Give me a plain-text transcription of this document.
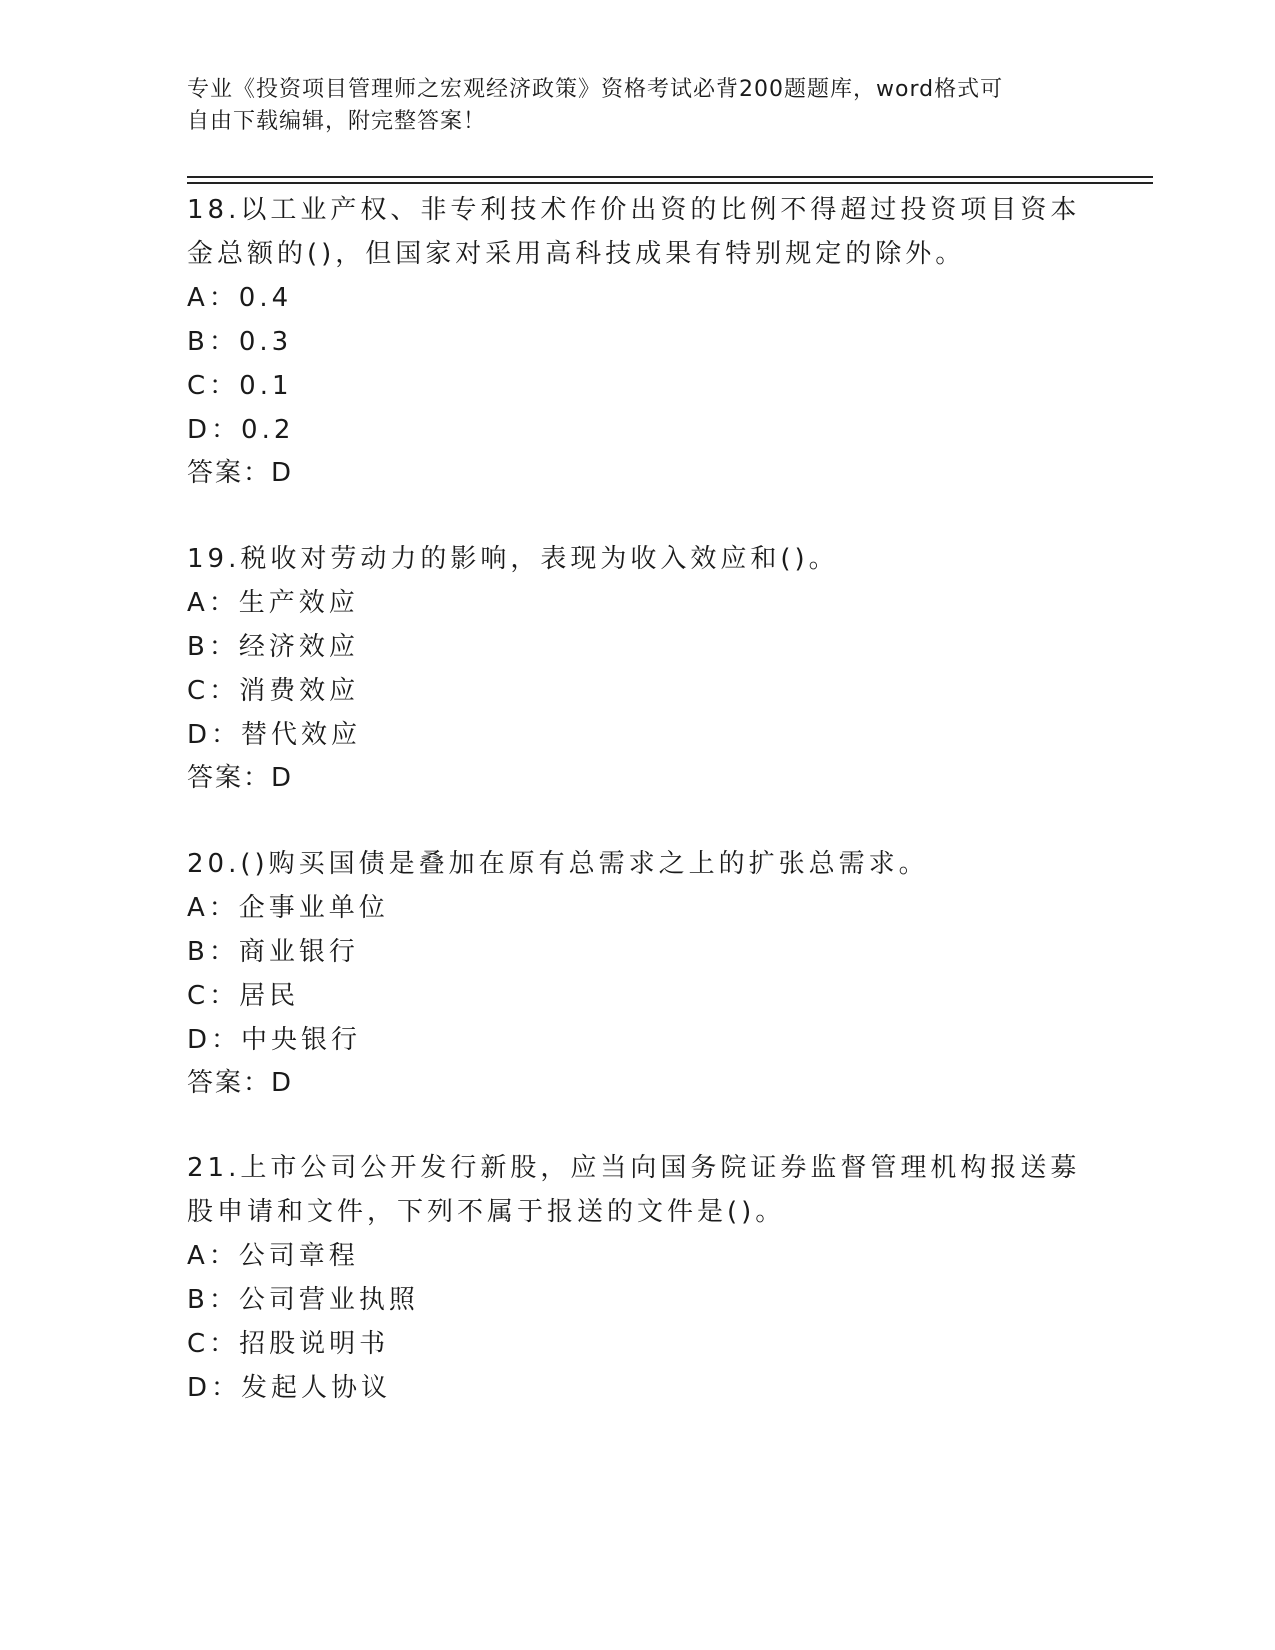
专业《投资项目管理师之宏观经济政策》资格考试必背200题题库，word格式可
自由下载编辑，附完整答案！

18.以工业产权、非专利技术作价出资的比例不得超过投资项目资本金总额的()，但国家对采用高科技成果有特别规定的除外。

A：0.4

B：0.3

C：0.1

D：0.2

答案：D

19.税收对劳动力的影响，表现为收入效应和()。

A：生产效应

B：经济效应

C：消费效应

D：替代效应

答案：D

20.()购买国债是叠加在原有总需求之上的扩张总需求。

A：企事业单位

B：商业银行

C：居民

D：中央银行

答案：D

21.上市公司公开发行新股，应当向国务院证券监督管理机构报送募股申请和文件，下列不属于报送的文件是()。

A：公司章程

B：公司营业执照

C：招股说明书

D：发起人协议
